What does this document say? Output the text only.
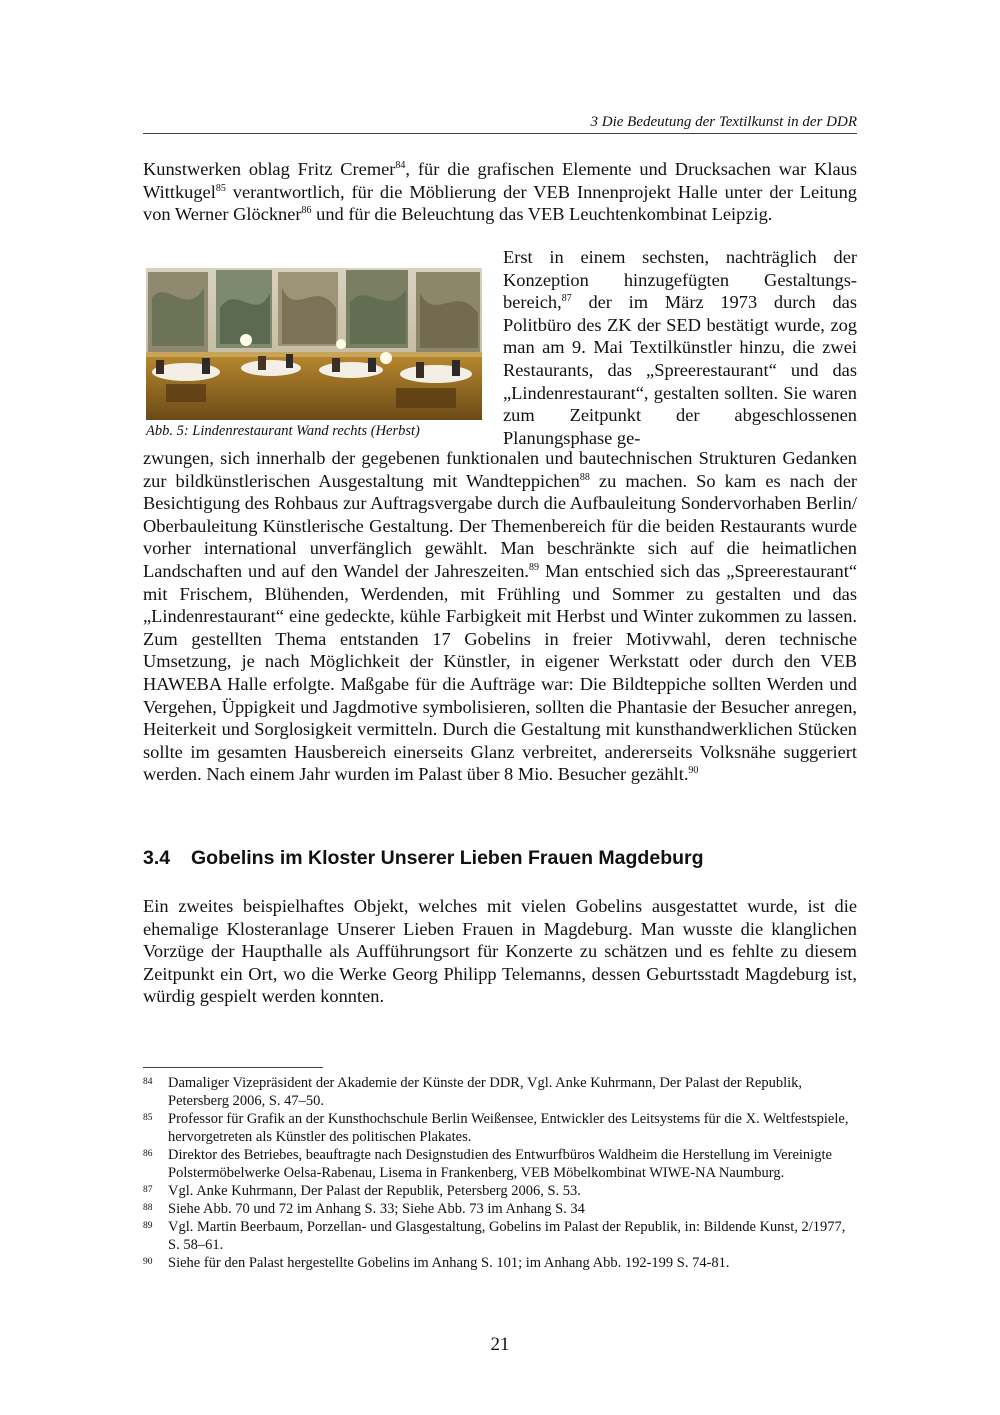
3 Die Bedeutung der Textilkunst in der DDR

Kunstwerken oblag Fritz Cremer$^{84}$, für die grafischen Elemente und Drucksachen war Klaus Wittkugel$^{85}$ verantwortlich, für die Möblierung der VEB Innenprojekt Halle unter der Leitung von Werner Glöckner$^{86}$ und für die Beleuchtung das VEB Leuchtenkombinat Leipzig.

Abb. 5: Lindenrestaurant Wand rechts (Herbst)

Erst in einem sechsten, nachträglich der Konzeption hinzugefügten Gestaltungsbereich,$^{87}$ der im März 1973 durch das Politbüro des ZK der SED bestätigt wurde, zog man am 9. Mai Textilkünstler hinzu, die zwei Restaurants, das „Spreerestaurant“ und das „Lindenrestaurant“, gestalten sollten. Sie waren zum Zeitpunkt der abgeschlossenen Planungsphase ge-

zwungen, sich innerhalb der gegebenen funktionalen und bautechnischen Strukturen Gedanken zur bildkünstlerischen Ausgestaltung mit Wandteppichen$^{88}$ zu machen. So kam es nach der Besichtigung des Rohbaus zur Auftragsvergabe durch die Aufbauleitung Sondervorhaben Berlin/ Oberbauleitung Künstlerische Gestaltung. Der Themenbereich für die beiden Restaurants wurde vorher international unverfänglich gewählt. Man beschränkte sich auf die heimatlichen Landschaften und auf den Wandel der Jahreszeiten.$^{89}$ Man entschied sich das „Spreerestaurant“ mit Frischem, Blühenden, Werdenden, mit Frühling und Sommer zu gestalten und das „Lindenrestaurant“ eine gedeckte, kühle Farbigkeit mit Herbst und Winter zukommen zu lassen. Zum gestellten Thema entstanden 17 Gobelins in freier Motivwahl, deren technische Umsetzung, je nach Möglichkeit der Künstler, in eigener Werkstatt oder durch den VEB HAWEBA Halle erfolgte. Maßgabe für die Aufträge war: Die Bildteppiche sollten Werden und Vergehen, Üppigkeit und Jagdmotive symbolisieren, sollten die Phantasie der Besucher anregen, Heiterkeit und Sorglosigkeit vermitteln. Durch die Gestaltung mit kunsthandwerklichen Stücken sollte im gesamten Hausbereich einerseits Glanz verbreitet, andererseits Volksnähe suggeriert werden. Nach einem Jahr wurden im Palast über 8 Mio. Besucher gezählt.$^{90}$

3.4 Gobelins im Kloster Unserer Lieben Frauen Magdeburg

Ein zweites beispielhaftes Objekt, welches mit vielen Gobelins ausgestattet wurde, ist die ehemalige Klosteranlage Unserer Lieben Frauen in Magdeburg. Man wusste die klanglichen Vorzüge der Haupthalle als Aufführungsort für Konzerte zu schätzen und es fehlte zu diesem Zeitpunkt ein Ort, wo die Werke Georg Philipp Telemanns, dessen Geburtsstadt Magdeburg ist, würdig gespielt werden konnten.

84	Damaliger Vizepräsident der Akademie der Künste der DDR, Vgl. Anke Kuhrmann, Der Palast der Republik, Petersberg 2006, S. 47–50.
85	Professor für Grafik an der Kunsthochschule Berlin Weißensee, Entwickler des Leitsystems für die X. Weltfestspiele, hervorgetreten als Künstler des politischen Plakates.
86	Direktor des Betriebes, beauftragte nach Designstudien des Entwurfbüros Waldheim die Herstellung im Vereinigte Polstermöbelwerke Oelsa-Rabenau, Lisema in Frankenberg, VEB Möbelkombinat WIWE-NA Naumburg.
87	Vgl. Anke Kuhrmann, Der Palast der Republik, Petersberg 2006, S. 53.
88	Siehe Abb. 70 und 72 im Anhang S. 33; Siehe Abb. 73 im Anhang S. 34
89	Vgl. Martin Beerbaum, Porzellan- und Glasgestaltung, Gobelins im Palast der Republik, in: Bildende Kunst, 2/1977, S. 58–61.
90	Siehe für den Palast hergestellte Gobelins im Anhang S. 101; im Anhang Abb. 192-199 S. 74-81.
21
